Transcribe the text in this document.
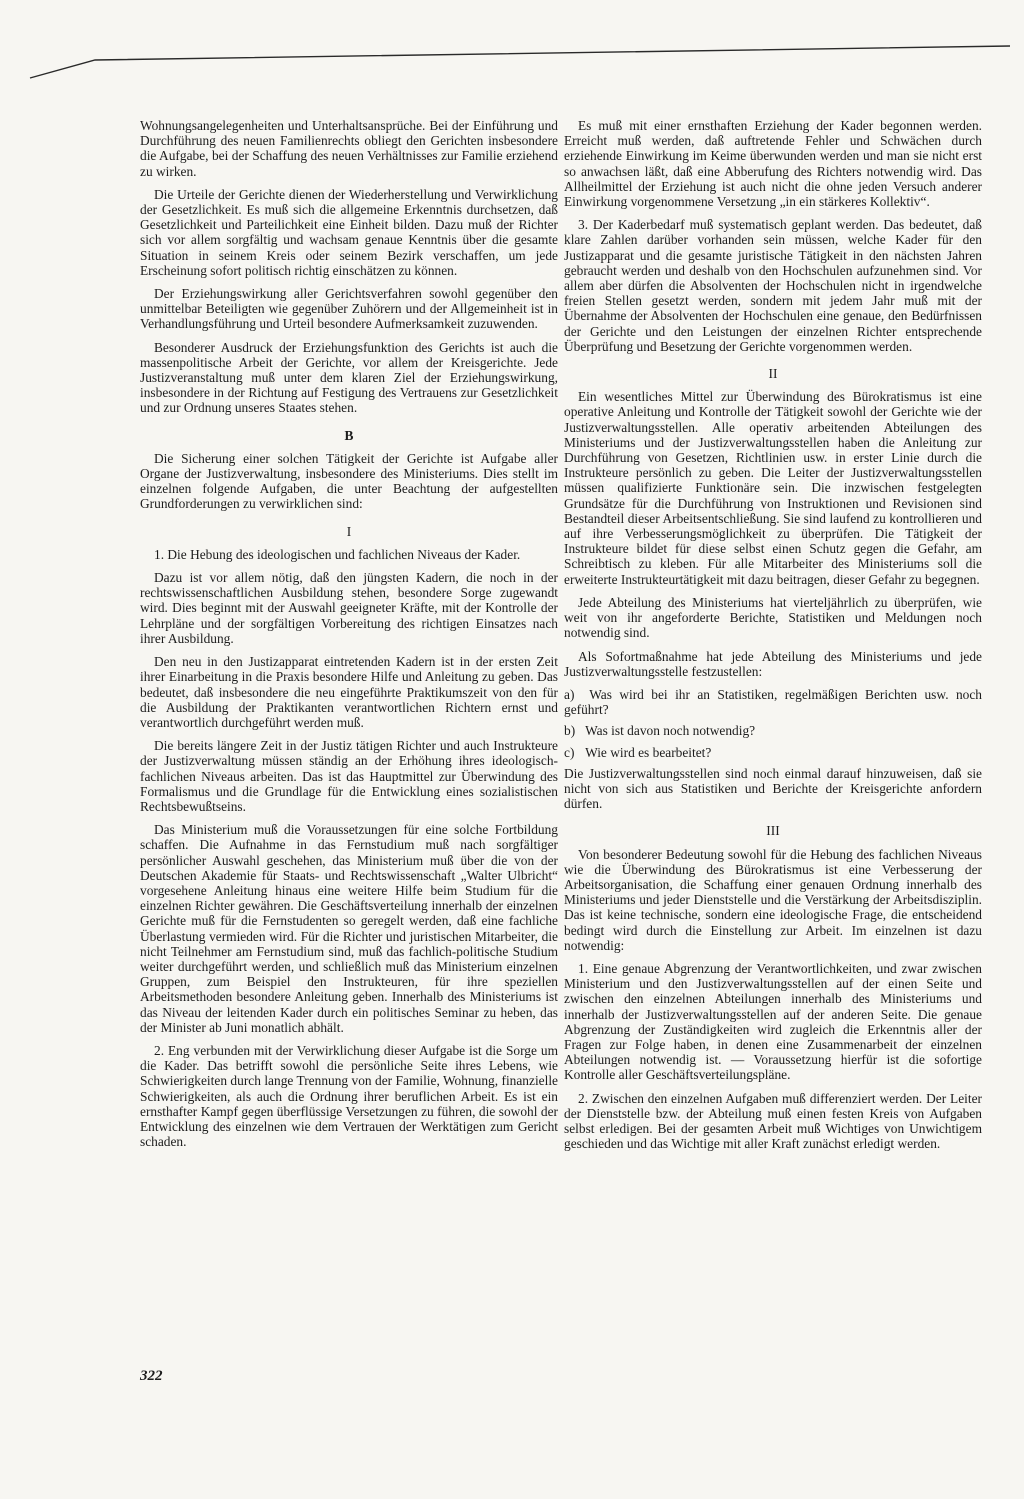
Wohnungsangelegenheiten und Unterhaltsansprüche. Bei der Einführung und Durchführung des neuen Familienrechts obliegt den Gerichten insbesondere die Aufgabe, bei der Schaffung des neuen Verhältnisses zur Familie erziehend zu wirken.

Die Urteile der Gerichte dienen der Wiederherstellung und Verwirklichung der Gesetzlichkeit. Es muß sich die allgemeine Erkenntnis durchsetzen, daß Gesetzlichkeit und Parteilichkeit eine Einheit bilden. Dazu muß der Richter sich vor allem sorgfältig und wachsam genaue Kenntnis über die gesamte Situation in seinem Kreis oder seinem Bezirk verschaffen, um jede Erscheinung sofort politisch richtig einschätzen zu können.

Der Erziehungswirkung aller Gerichtsverfahren sowohl gegenüber den unmittelbar Beteiligten wie gegenüber Zuhörern und der Allgemeinheit ist in Verhandlungsführung und Urteil besondere Aufmerksamkeit zuzuwenden.

Besonderer Ausdruck der Erziehungsfunktion des Gerichts ist auch die massenpolitische Arbeit der Gerichte, vor allem der Kreisgerichte. Jede Justizveranstaltung muß unter dem klaren Ziel der Erziehungswirkung, insbesondere in der Richtung auf Festigung des Vertrauens zur Gesetzlichkeit und zur Ordnung unseres Staates stehen.

B

Die Sicherung einer solchen Tätigkeit der Gerichte ist Aufgabe aller Organe der Justizverwaltung, insbesondere des Ministeriums. Dies stellt im einzelnen folgende Aufgaben, die unter Beachtung der aufgestellten Grundforderungen zu verwirklichen sind:

I

1. Die Hebung des ideologischen und fachlichen Niveaus der Kader.

Dazu ist vor allem nötig, daß den jüngsten Kadern, die noch in der rechtswissenschaftlichen Ausbildung stehen, besondere Sorge zugewandt wird. Dies beginnt mit der Auswahl geeigneter Kräfte, mit der Kontrolle der Lehrpläne und der sorgfältigen Vorbereitung des richtigen Einsatzes nach ihrer Ausbildung.

Den neu in den Justizapparat eintretenden Kadern ist in der ersten Zeit ihrer Einarbeitung in die Praxis besondere Hilfe und Anleitung zu geben. Das bedeutet, daß insbesondere die neu eingeführte Praktikumszeit von den für die Ausbildung der Praktikanten verantwortlichen Richtern ernst und verantwortlich durchgeführt werden muß.

Die bereits längere Zeit in der Justiz tätigen Richter und auch Instrukteure der Justizverwaltung müssen ständig an der Erhöhung ihres ideologisch-fachlichen Niveaus arbeiten. Das ist das Hauptmittel zur Überwindung des Formalismus und die Grundlage für die Entwicklung eines sozialistischen Rechtsbewußtseins.

Das Ministerium muß die Voraussetzungen für eine solche Fortbildung schaffen. Die Aufnahme in das Fernstudium muß nach sorgfältiger persönlicher Auswahl geschehen, das Ministerium muß über die von der Deutschen Akademie für Staats- und Rechtswissenschaft „Walter Ulbricht“ vorgesehene Anleitung hinaus eine weitere Hilfe beim Studium für die einzelnen Richter gewähren. Die Geschäftsverteilung innerhalb der einzelnen Gerichte muß für die Fernstudenten so geregelt werden, daß eine fachliche Überlastung vermieden wird. Für die Richter und juristischen Mitarbeiter, die nicht Teilnehmer am Fernstudium sind, muß das fachlich-politische Studium weiter durchgeführt werden, und schließlich muß das Ministerium einzelnen Gruppen, zum Beispiel den Instrukteuren, für ihre speziellen Arbeitsmethoden besondere Anleitung geben. Innerhalb des Ministeriums ist das Niveau der leitenden Kader durch ein politisches Seminar zu heben, das der Minister ab Juni monatlich abhält.

2. Eng verbunden mit der Verwirklichung dieser Aufgabe ist die Sorge um die Kader. Das betrifft sowohl die persönliche Seite ihres Lebens, wie Schwierigkeiten durch lange Trennung von der Familie, Wohnung, finanzielle Schwierigkeiten, als auch die Ordnung ihrer beruflichen Arbeit. Es ist ein ernsthafter Kampf gegen überflüssige Versetzungen zu führen, die sowohl der Entwicklung des einzelnen wie dem Vertrauen der Werktätigen zum Gericht schaden.

Es muß mit einer ernsthaften Erziehung der Kader begonnen werden. Erreicht muß werden, daß auftretende Fehler und Schwächen durch erziehende Einwirkung im Keime überwunden werden und man sie nicht erst so anwachsen läßt, daß eine Abberufung des Richters notwendig wird. Das Allheilmittel der Erziehung ist auch nicht die ohne jeden Versuch anderer Einwirkung vorgenommene Versetzung „in ein stärkeres Kollektiv“.

3. Der Kaderbedarf muß systematisch geplant werden. Das bedeutet, daß klare Zahlen darüber vorhanden sein müssen, welche Kader für den Justizapparat und die gesamte juristische Tätigkeit in den nächsten Jahren gebraucht werden und deshalb von den Hochschulen aufzunehmen sind. Vor allem aber dürfen die Absolventen der Hochschulen nicht in irgendwelche freien Stellen gesetzt werden, sondern mit jedem Jahr muß mit der Übernahme der Absolventen der Hochschulen eine genaue, den Bedürfnissen der Gerichte und den Leistungen der einzelnen Richter entsprechende Überprüfung und Besetzung der Gerichte vorgenommen werden.

II

Ein wesentliches Mittel zur Überwindung des Bürokratismus ist eine operative Anleitung und Kontrolle der Tätigkeit sowohl der Gerichte wie der Justizverwaltungsstellen. Alle operativ arbeitenden Abteilungen des Ministeriums und der Justizverwaltungsstellen haben die Anleitung zur Durchführung von Gesetzen, Richtlinien usw. in erster Linie durch die Instrukteure persönlich zu geben. Die Leiter der Justizverwaltungsstellen müssen qualifizierte Funktionäre sein. Die inzwischen festgelegten Grundsätze für die Durchführung von Instruktionen und Revisionen sind Bestandteil dieser Arbeitsentschließung. Sie sind laufend zu kontrollieren und auf ihre Verbesserungsmöglichkeit zu überprüfen. Die Tätigkeit der Instrukteure bildet für diese selbst einen Schutz gegen die Gefahr, am Schreibtisch zu kleben. Für alle Mitarbeiter des Ministeriums soll die erweiterte Instrukteurtätigkeit mit dazu beitragen, dieser Gefahr zu begegnen.

Jede Abteilung des Ministeriums hat vierteljährlich zu überprüfen, wie weit von ihr angeforderte Berichte, Statistiken und Meldungen noch notwendig sind.

Als Sofortmaßnahme hat jede Abteilung des Ministeriums und jede Justizverwaltungsstelle festzustellen:

a) Was wird bei ihr an Statistiken, regelmäßigen Berichten usw. noch geführt?

b) Was ist davon noch notwendig?

c) Wie wird es bearbeitet?

Die Justizverwaltungsstellen sind noch einmal darauf hinzuweisen, daß sie nicht von sich aus Statistiken und Berichte der Kreisgerichte anfordern dürfen.

III

Von besonderer Bedeutung sowohl für die Hebung des fachlichen Niveaus wie die Überwindung des Bürokratismus ist eine Verbesserung der Arbeitsorganisation, die Schaffung einer genauen Ordnung innerhalb des Ministeriums und jeder Dienststelle und die Verstärkung der Arbeitsdisziplin. Das ist keine technische, sondern eine ideologische Frage, die entscheidend bedingt wird durch die Einstellung zur Arbeit. Im einzelnen ist dazu notwendig:

1. Eine genaue Abgrenzung der Verantwortlichkeiten, und zwar zwischen Ministerium und den Justizverwaltungsstellen auf der einen Seite und zwischen den einzelnen Abteilungen innerhalb des Ministeriums und innerhalb der Justizverwaltungsstellen auf der anderen Seite. Die genaue Abgrenzung der Zuständigkeiten wird zugleich die Erkenntnis aller der Fragen zur Folge haben, in denen eine Zusammenarbeit der einzelnen Abteilungen notwendig ist. — Voraussetzung hierfür ist die sofortige Kontrolle aller Geschäftsverteilungspläne.

2. Zwischen den einzelnen Aufgaben muß differenziert werden. Der Leiter der Dienststelle bzw. der Abteilung muß einen festen Kreis von Aufgaben selbst erledigen. Bei der gesamten Arbeit muß Wichtiges von Unwichtigem geschieden und das Wichtige mit aller Kraft zunächst erledigt werden.

322
